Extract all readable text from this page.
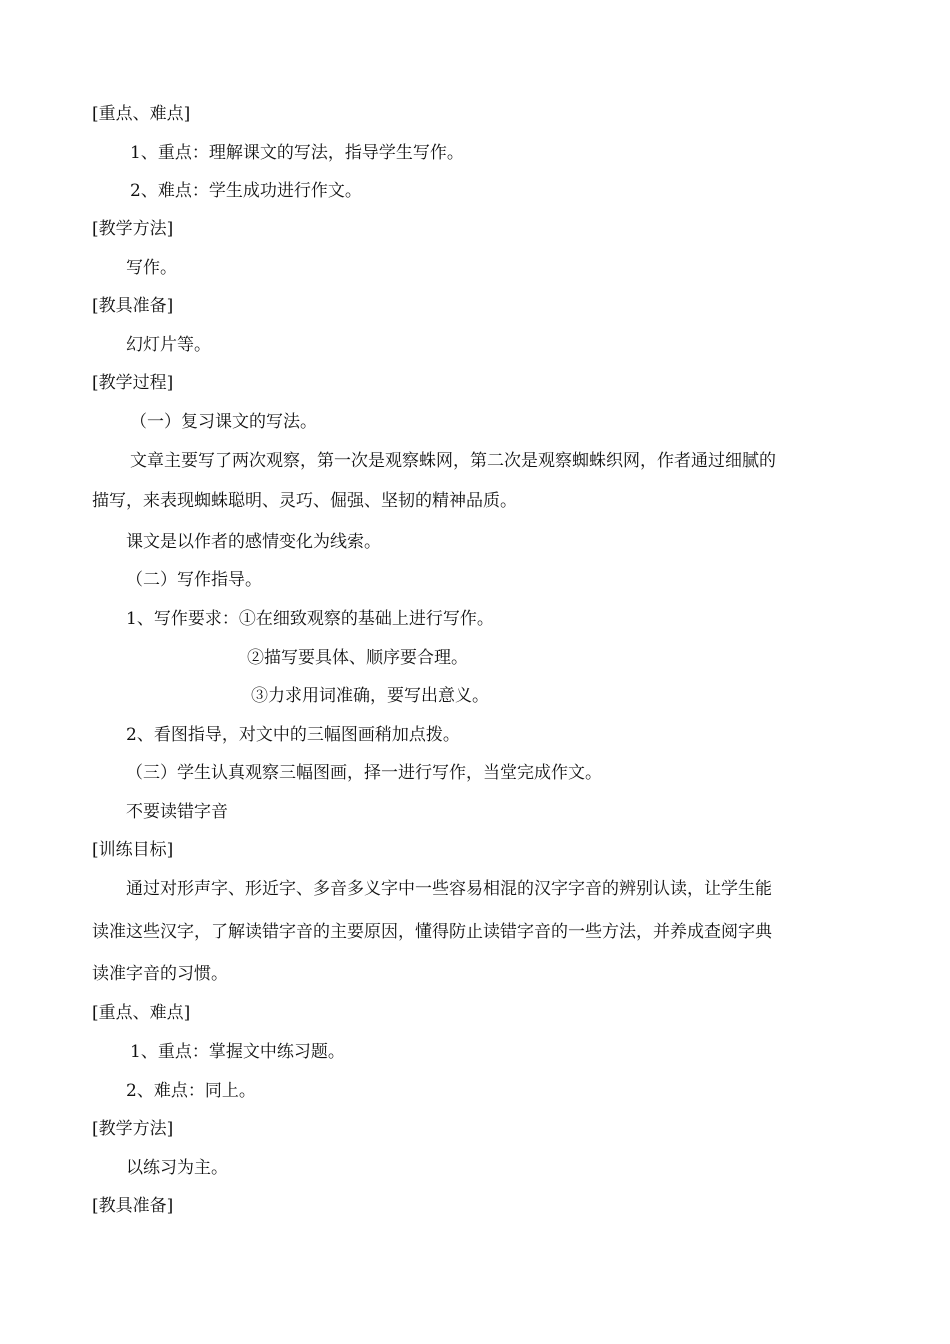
[重点、难点]

1、重点：理解课文的写法，指导学生写作。

2、难点：学生成功进行作文。

[教学方法]

写作。

[教具准备]

幻灯片等。

[教学过程]

（一）复习课文的写法。

文章主要写了两次观察，第一次是观察蛛网，第二次是观察蜘蛛织网，作者通过细腻的

描写，来表现蜘蛛聪明、灵巧、倔强、坚韧的精神品质。

课文是以作者的感情变化为线索。

（二）写作指导。

1、写作要求：①在细致观察的基础上进行写作。

②描写要具体、顺序要合理。

③力求用词准确，要写出意义。

2、看图指导，对文中的三幅图画稍加点拨。

（三）学生认真观察三幅图画，择一进行写作，当堂完成作文。

不要读错字音

[训练目标]

通过对形声字、形近字、多音多义字中一些容易相混的汉字字音的辨别认读，让学生能

读准这些汉字，了解读错字音的主要原因，懂得防止读错字音的一些方法，并养成查阅字典

读准字音的习惯。

[重点、难点]

1、重点：掌握文中练习题。

2、难点：同上。

[教学方法]

以练习为主。

[教具准备]
